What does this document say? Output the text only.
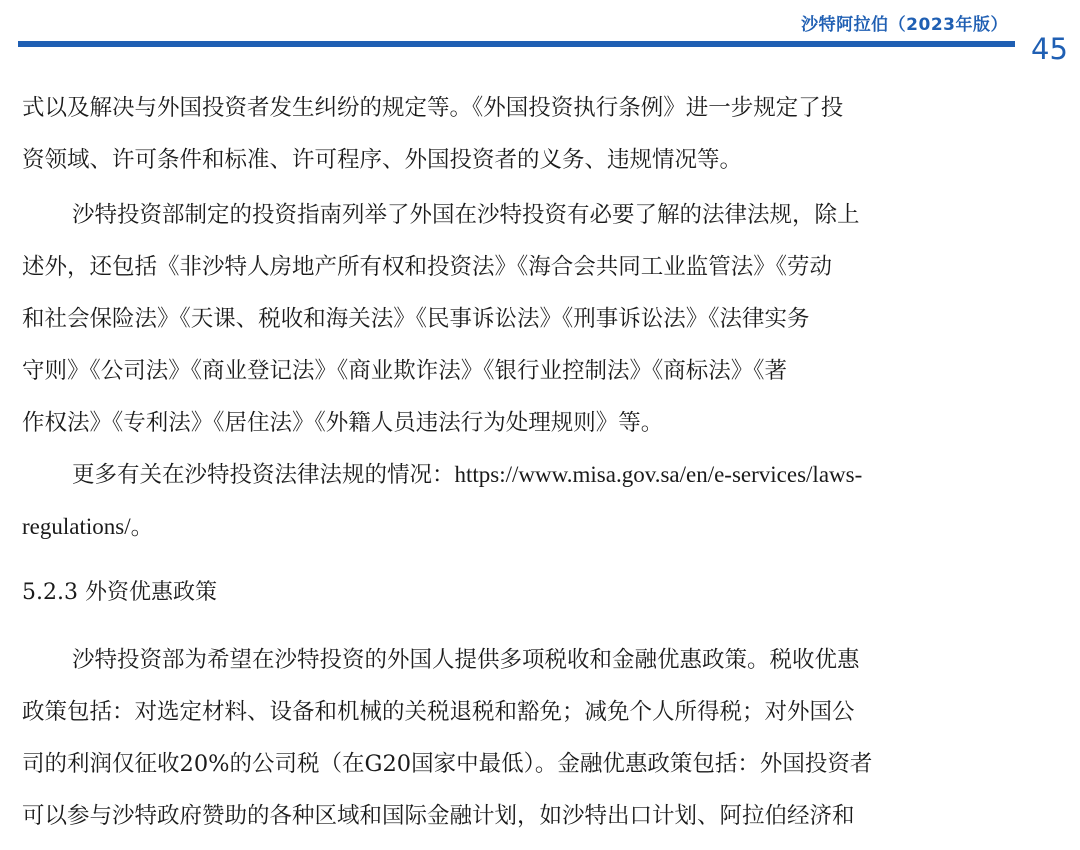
沙特阿拉伯（2023年版）
45
式以及解决与外国投资者发生纠纷的规定等。《外国投资执行条例》进一步规定了投
资领域、许可条件和标准、许可程序、外国投资者的义务、违规情况等。
沙特投资部制定的投资指南列举了外国在沙特投资有必要了解的法律法规，除上
述外，还包括《非沙特人房地产所有权和投资法》《海合会共同工业监管法》《劳动
和社会保险法》《天课、税收和海关法》《民事诉讼法》《刑事诉讼法》《法律实务
守则》《公司法》《商业登记法》《商业欺诈法》《银行业控制法》《商标法》《著
作权法》《专利法》《居住法》《外籍人员违法行为处理规则》等。
更多有关在沙特投资法律法规的情况：https://www.misa.gov.sa/en/e-services/laws-
regulations/。
5.2.3 外资优惠政策
沙特投资部为希望在沙特投资的外国人提供多项税收和金融优惠政策。税收优惠
政策包括：对选定材料、设备和机械的关税退税和豁免；减免个人所得税；对外国公
司的利润仅征收20%的公司税（在G20国家中最低）。金融优惠政策包括：外国投资者
可以参与沙特政府赞助的各种区域和国际金融计划，如沙特出口计划、阿拉伯经济和
